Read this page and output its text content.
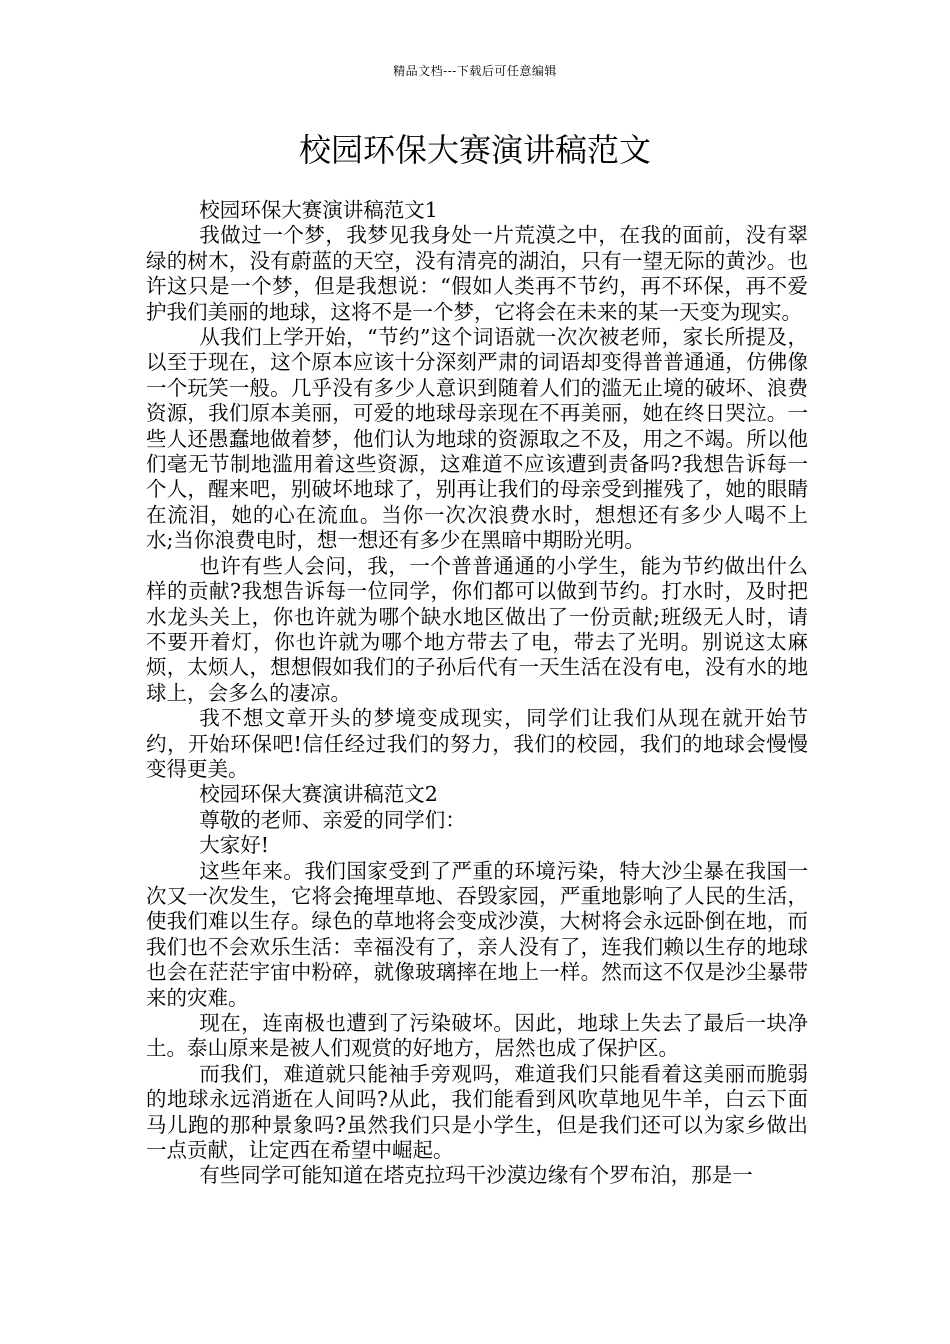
精品文档---下载后可任意编辑
校园环保大赛演讲稿范文

校园环保大赛演讲稿范文1

我做过一个梦，我梦见我身处一片荒漠之中，在我的面前，没有翠绿的树木，没有蔚蓝的天空，没有清亮的湖泊，只有一望无际的黄沙。也许这只是一个梦，但是我想说：“假如人类再不节约，再不环保，再不爱护我们美丽的地球，这将不是一个梦，它将会在未来的某一天变为现实。

从我们上学开始，“节约”这个词语就一次次被老师，家长所提及，以至于现在，这个原本应该十分深刻严肃的词语却变得普普通通，仿佛像一个玩笑一般。几乎没有多少人意识到随着人们的滥无止境的破坏、浪费资源，我们原本美丽，可爱的地球母亲现在不再美丽，她在终日哭泣。一些人还愚蠢地做着梦，他们认为地球的资源取之不及，用之不竭。所以他们毫无节制地滥用着这些资源，这难道不应该遭到责备吗?我想告诉每一个人，醒来吧，别破坏地球了，别再让我们的母亲受到摧残了，她的眼睛在流泪，她的心在流血。当你一次次浪费水时，想想还有多少人喝不上水;当你浪费电时，想一想还有多少在黑暗中期盼光明。

也许有些人会问，我，一个普普通通的小学生，能为节约做出什么样的贡献?我想告诉每一位同学，你们都可以做到节约。打水时，及时把水龙头关上，你也许就为哪个缺水地区做出了一份贡献;班级无人时，请不要开着灯，你也许就为哪个地方带去了电，带去了光明。别说这太麻烦，太烦人，想想假如我们的子孙后代有一天生活在没有电，没有水的地球上，会多么的凄凉。

我不想文章开头的梦境变成现实，同学们让我们从现在就开始节约，开始环保吧!信任经过我们的努力，我们的校园，我们的地球会慢慢变得更美。

校园环保大赛演讲稿范文2

尊敬的老师、亲爱的同学们：

大家好!

这些年来。我们国家受到了严重的环境污染，特大沙尘暴在我国一次又一次发生，它将会掩埋草地、吞毁家园，严重地影响了人民的生活，使我们难以生存。绿色的草地将会变成沙漠，大树将会永远卧倒在地，而我们也不会欢乐生活：幸福没有了，亲人没有了，连我们赖以生存的地球也会在茫茫宇宙中粉碎，就像玻璃摔在地上一样。然而这不仅是沙尘暴带来的灾难。

现在，连南极也遭到了污染破坏。因此，地球上失去了最后一块净土。泰山原来是被人们观赏的好地方，居然也成了保护区。

而我们，难道就只能袖手旁观吗，难道我们只能看着这美丽而脆弱的地球永远消逝在人间吗?从此，我们能看到风吹草地见牛羊，白云下面马儿跑的那种景象吗?虽然我们只是小学生，但是我们还可以为家乡做出一点贡献，让定西在希望中崛起。

有些同学可能知道在塔克拉玛干沙漠边缘有个罗布泊，那是一
